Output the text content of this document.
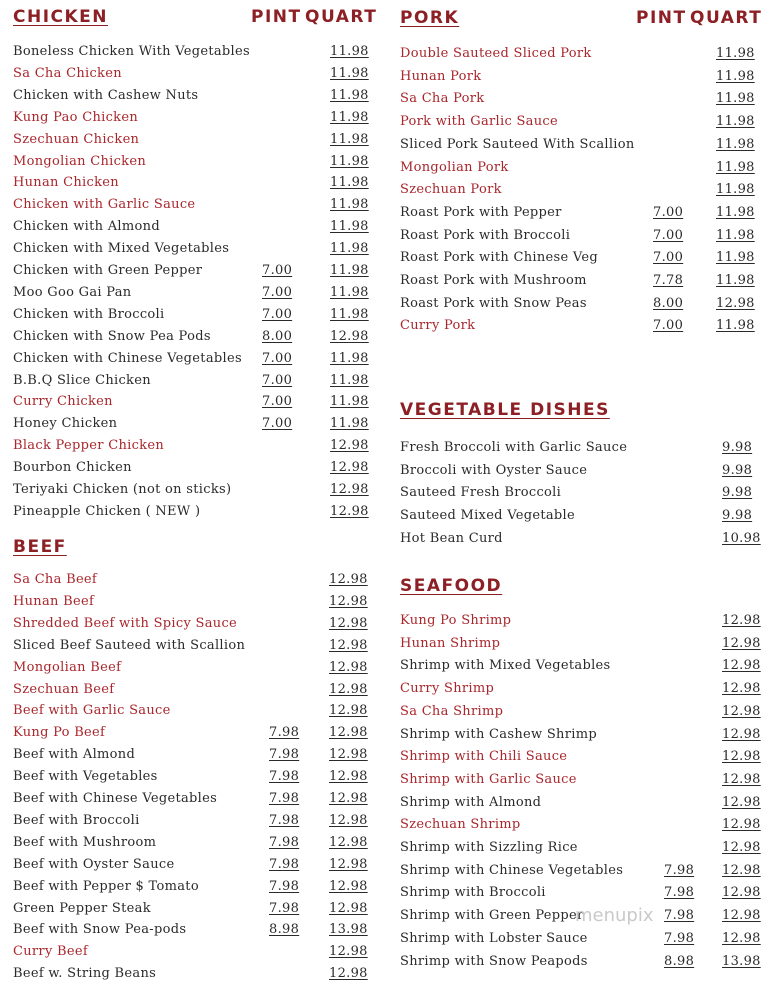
CHICKEN	PINT QUART
BEEF
Boneless Chicken With Vegetables	11.98
Sa Cha Chicken	11.98
Chicken with Cashew Nuts	11.98
Kung Pao Chicken	11.98
Szechuan Chicken	11.98
Mongolian Chicken	11.98
Hunan Chicken	11.98
Chicken with Garlic Sauce	11.98
Chicken with Almond	11.98
Chicken with Mixed Vegetables	11.98
Chicken with Green Pepper	7.00	11.98
Moo Goo Gai Pan	7.00	11.98
Chicken with Broccoli	7.00	11.98
Chicken with Snow Pea Pods	8.00	12.98
Chicken with Chinese Vegetables 7.00	11.98
B.B.Q Slice Chicken	7.00	11.98
Curry Chicken	7.00	11.98
Honey Chicken	7.00	11.98
Black Pepper Chicken	12.98
Bourbon Chicken	12.98
Teriyaki Chicken (not on sticks)	12.98
Pineapple Chicken ( NEW )	12.98
Sa Cha Beef	12.98
Hunan Beef	12.98
Shredded Beef with Spicy Sauce	12.98
Sliced Beef Sauteed with Scallion	12.98
Mongolian Beef	12.98
Szechuan Beef	12.98
Beef with Garlic Sauce	12.98
Kung Po Beef	7.98 12.98
Beef with Almond	7.98 12.98
Beef with Vegetables	7.98 12.98
Beef with Chinese Vegetables	7.98 12.98
Beef with Broccoli	7.98 12.98
Beef with Mushroom	7.98 12.98
Beef with Oyster Sauce	7.98 12.98
Beef with Pepper $ Tomato	7.98 12.98
Green Pepper Steak	7.98 12.98
Beef with Snow Pea-pods	8.98 13.98
Curry Beef	12.98
Beef w. String Beans	12.98
PORK	PINT QUART
VEGETABLE DISHES
SEAFOOD
Double Sauteed Sliced Pork	11.98
Hunan Pork	11.98
Sa Cha Pork	11.98
Pork with Garlic Sauce	11.98
Sliced Pork Sauteed With Scallion	11.98
Mongolian Pork	11.98
Szechuan Pork	11.98
Roast Pork with Pepper	7.00	11.98
Roast Pork with Broccoli	7.00	11.98
Roast Pork with Chinese Veg	7.00	11.98
Roast Pork with Mushroom	7.78	11.98
Roast Pork with Snow Peas	8.00	12.98
Curry Pork	7.00	11.98
Fresh Broccoli with Garlic Sauce	9.98
Broccoli with Oyster Sauce	9.98
Sauteed Fresh Broccoli	9.98
Sauteed Mixed Vegetable	9.98
Hot Bean Curd	10.98
Kung Po Shrimp	12.98
Hunan Shrimp	12.98
Shrimp with Mixed Vegetables	12.98
Curry Shrimp	12.98
Sa Cha Shrimp	12.98
Shrimp with Cashew Shrimp	12.98
Shrimp with Chili Sauce	12.98
Shrimp with Garlic Sauce	12.98
Shrimp with Almond	12.98
Szechuan Shrimp	12.98
Shrimp with Sizzling Rice	12.98
Shrimp with Chinese Vegetables	7.98 12.98
Shrimp with Broccoli	7.98 12.98
Shrimp with Green Pepper	7.98 12.98
Shrimp with Lobster Sauce	7.98 12.98
Shrimp with Snow Peapods	8.98 13.98
menupix
